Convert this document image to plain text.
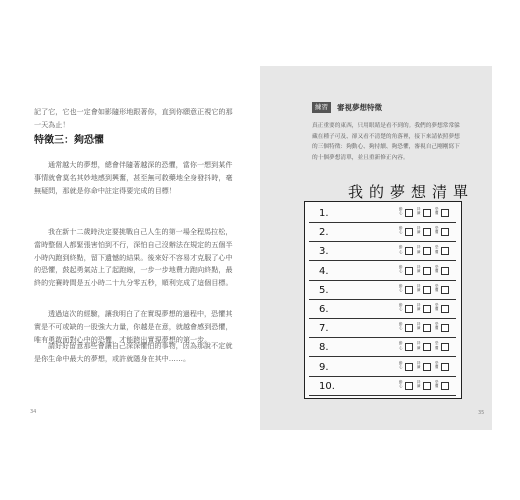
記了它，它也一定會如影隨形地跟著你，直到你願意正視它的那一天為止！

特徵三：夠恐懼

通常越大的夢想，總會伴隨著越深的恐懼，當你一想到某件事情就會莫名其妙地感到興奮，甚至無可救藥地全身發抖時，毫無疑問，那就是你命中註定得要完成的目標！

我在新十二歲時決定要挑戰自己人生的第一場全程馬拉松，當時整個人都緊張害怕到不行，深怕自己沒辦法在規定的五個半小時內跑到終點，留下遺憾的結果。後來好不容易才克服了心中的恐懼，鼓起勇氣站上了起跑線，一步一步地費力跑向終點，最終的完賽時間是五小時二十九分零五秒，順利完成了這個目標。

透過這次的經驗，讓我明白了在實現夢想的過程中，恐懼其實是不可或缺的一股強大力量，你越是在意，就越會感到恐懼，唯有勇敢面對心中的恐懼，才能跨出實現夢想的第一步。

請好好留意那些會讓自己深深懼怕的事物，因為那說不定就是你生命中最大的夢想，或許就隱身在其中……。

34
練習	審視夢想特徵

真正重要的東西，只用眼睛是看不到的。我們的夢想常常躲藏在種子可及、卻又看不清楚的角落裡，接下來請依照夢想的三個特徵：夠動心、夠持續、夠恐懼，審視自己剛剛寫下的十個夢想清單，並且重新修正內容。

我的夢想清單
1.	動心
持續
恐懼
2.	動心
持續
恐懼
3.	動心
持續
恐懼
4.	動心
持續
恐懼
5.	動心
持續
恐懼
6.	動心
持續
恐懼
7.	動心
持續
恐懼
8.	動心
持續
恐懼
9.	動心
持續
恐懼
10.	動心
持續
恐懼
35
